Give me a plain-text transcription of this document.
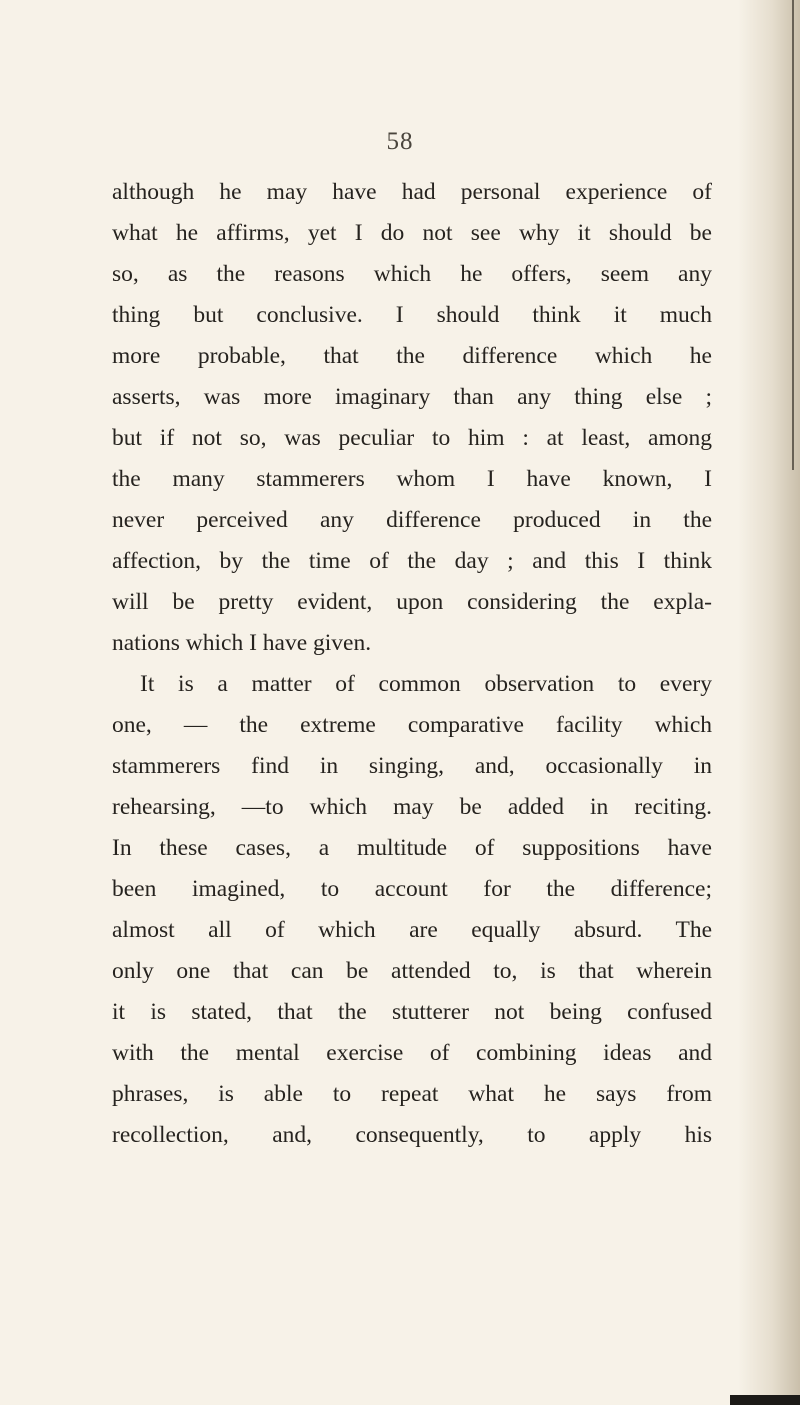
58
although he may have had personal experience of
what he affirms, yet I do not see why it should be
so, as the reasons which he offers, seem any
thing but conclusive. I should think it much
more probable, that the difference which he
asserts, was more imaginary than any thing else ;
but if not so, was peculiar to him : at least, among
the many stammerers whom I have known, I
never perceived any difference produced in the
affection, by the time of the day ; and this I think
will be pretty evident, upon considering the expla-
nations which I have given.
It is a matter of common observation to every
one, — the extreme comparative facility which
stammerers find in singing, and, occasionally in
rehearsing, —to which may be added in reciting.
In these cases, a multitude of suppositions have
been imagined, to account for the difference;
almost all of which are equally absurd. The
only one that can be attended to, is that wherein
it is stated, that the stutterer not being confused
with the mental exercise of combining ideas and
phrases, is able to repeat what he says from
recollection, and, consequently, to apply his
